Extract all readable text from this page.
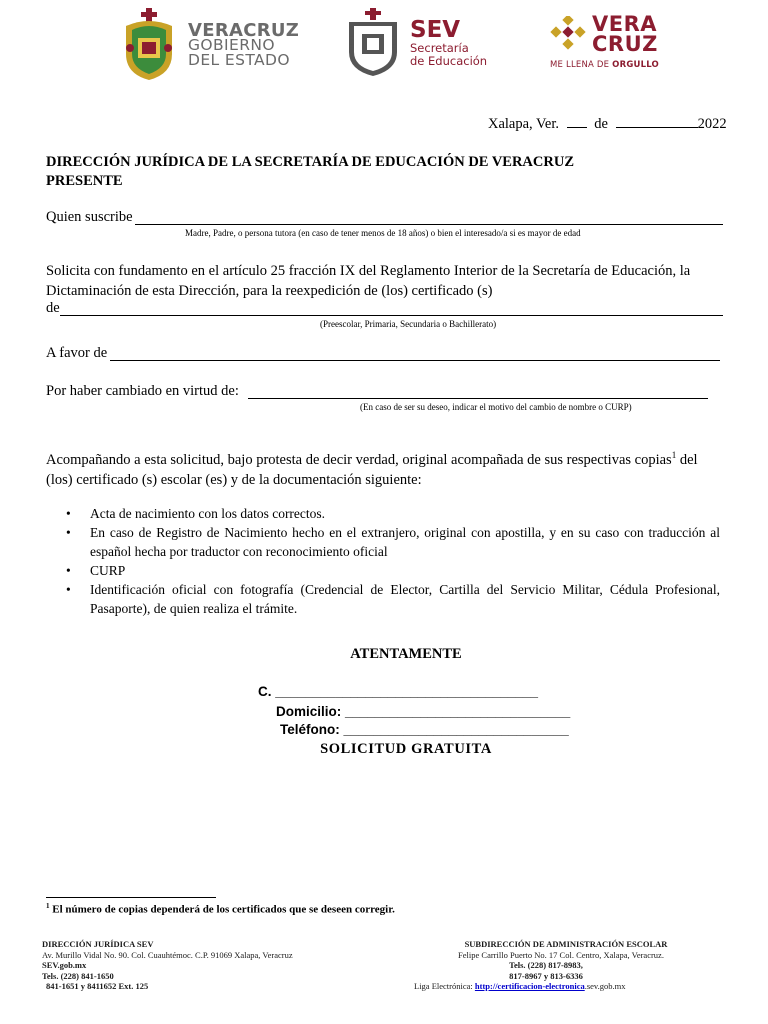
VERACRUZ
GOBIERNO
DEL ESTADO
SEV
Secretaría
de Educación
VERA
CRUZ
ME LLENA DE ORGULLO
Xalapa, Ver. de	2022
DIRECCIÓN JURÍDICA DE LA SECRETARÍA DE EDUCACIÓN DE VERACRUZ
PRESENTE
Quien suscribe
Madre, Padre, o persona tutora (en caso de tener menos de 18 años) o bien el interesado/a si es mayor de edad
Solicita con fundamento en el artículo 25 fracción IX del Reglamento Interior de la Secretaría de Educación, la
Dictaminación de esta Dirección, para la reexpedición de (los) certificado (s)
de
(Preescolar, Primaria, Secundaria o Bachillerato)
A favor de
Por haber cambiado en virtud de:
(En caso de ser su deseo, indicar el motivo del cambio de nombre o CURP)
Acompañando a esta solicitud, bajo protesta de decir verdad, original acompañada de sus respectivas copias$^1$ del
(los) certificado (s) escolar (es) y de la documentación siguiente:
• Acta de nacimiento con los datos correctos.
• En caso de Registro de Nacimiento hecho en el extranjero, original con apostilla, y en su caso con traducción al español hecha por traductor con reconocimiento oficial
• CURP
• Identificación oficial con fotografía (Credencial de Elector, Cartilla del Servicio Militar, Cédula Profesional, Pasaporte), de quien realiza el trámite.
ATENTAMENTE
C. ___________________________________
Domicilio: ______________________________
Teléfono: ______________________________
SOLICITUD GRATUITA
$^1$ El número de copias dependerá de los certificados que se deseen corregir.
DIRECCIÓN JURÍDICA SEV
Av. Murillo Vidal No. 90. Col. Cuauhtémoc. C.P. 91069 Xalapa, Veracruz
SEV.gob.mx
Tels. (228) 841-1650
841-1651 y 8411652 Ext. 125
SUBDIRECCIÓN DE ADMINISTRACIÓN ESCOLAR
Felipe Carrillo Puerto No. 17 Col. Centro, Xalapa, Veracruz.
Tels. (228) 817-8983,
817-8967 y 813-6336
Liga Electrónica: http://certificacion-electronica.sev.gob.mx
